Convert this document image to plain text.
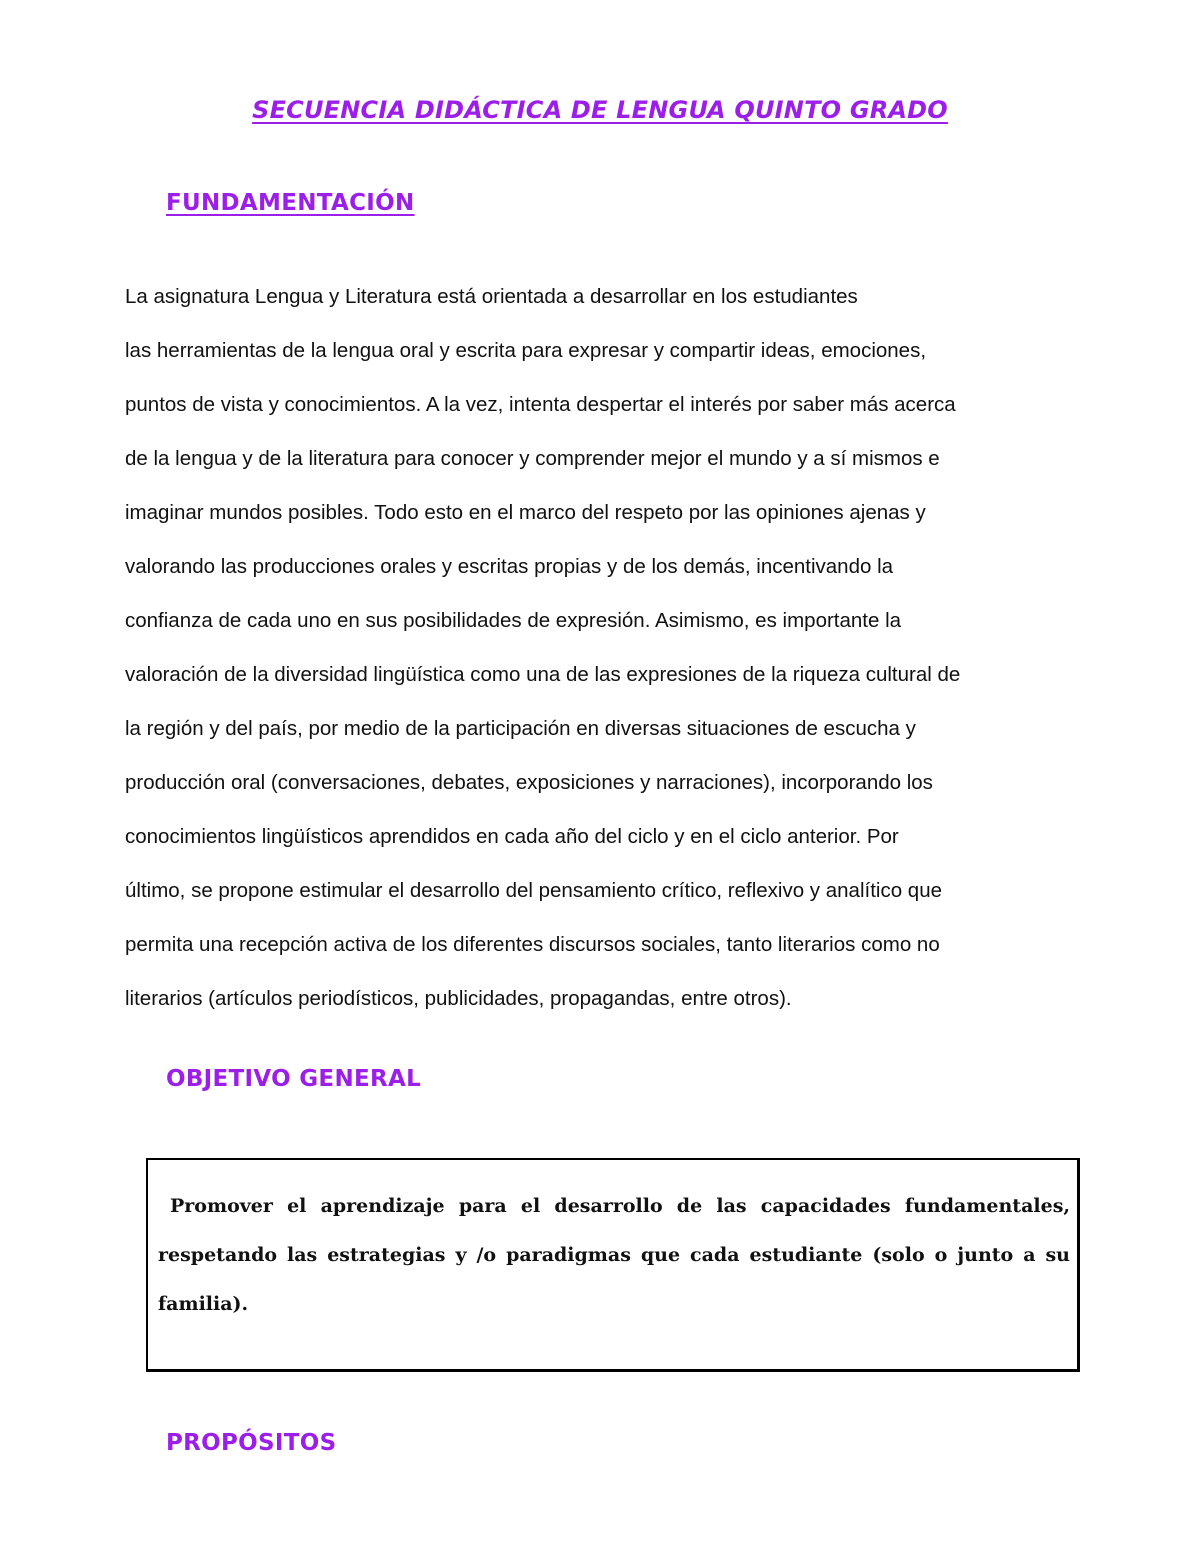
SECUENCIA DIDÁCTICA DE LENGUA QUINTO GRADO
FUNDAMENTACIÓN
La asignatura Lengua y Literatura está orientada a desarrollar en los estudiantes
las herramientas de la lengua oral y escrita para expresar y compartir ideas, emociones,
puntos de vista y conocimientos. A la vez, intenta despertar el interés por saber más acerca
de la lengua y de la literatura para conocer y comprender mejor el mundo y a sí mismos e
imaginar mundos posibles. Todo esto en el marco del respeto por las opiniones ajenas y
valorando las producciones orales y escritas propias y de los demás, incentivando la
confianza de cada uno en sus posibilidades de expresión. Asimismo, es importante la
valoración de la diversidad lingüística como una de las expresiones de la riqueza cultural de
la región y del país, por medio de la participación en diversas situaciones de escucha y
producción oral (conversaciones, debates, exposiciones y narraciones), incorporando los
conocimientos lingüísticos aprendidos en cada año del ciclo y en el ciclo anterior. Por
último, se propone estimular el desarrollo del pensamiento crítico, reflexivo y analítico que
permita una recepción activa de los diferentes discursos sociales, tanto literarios como no
literarios (artículos periodísticos, publicidades, propagandas, entre otros).
OBJETIVO GENERAL
Promover el aprendizaje para el desarrollo de las capacidades fundamentales,
respetando las estrategias y /o paradigmas que cada estudiante (solo o junto a su
familia).
PROPÓSITOS
